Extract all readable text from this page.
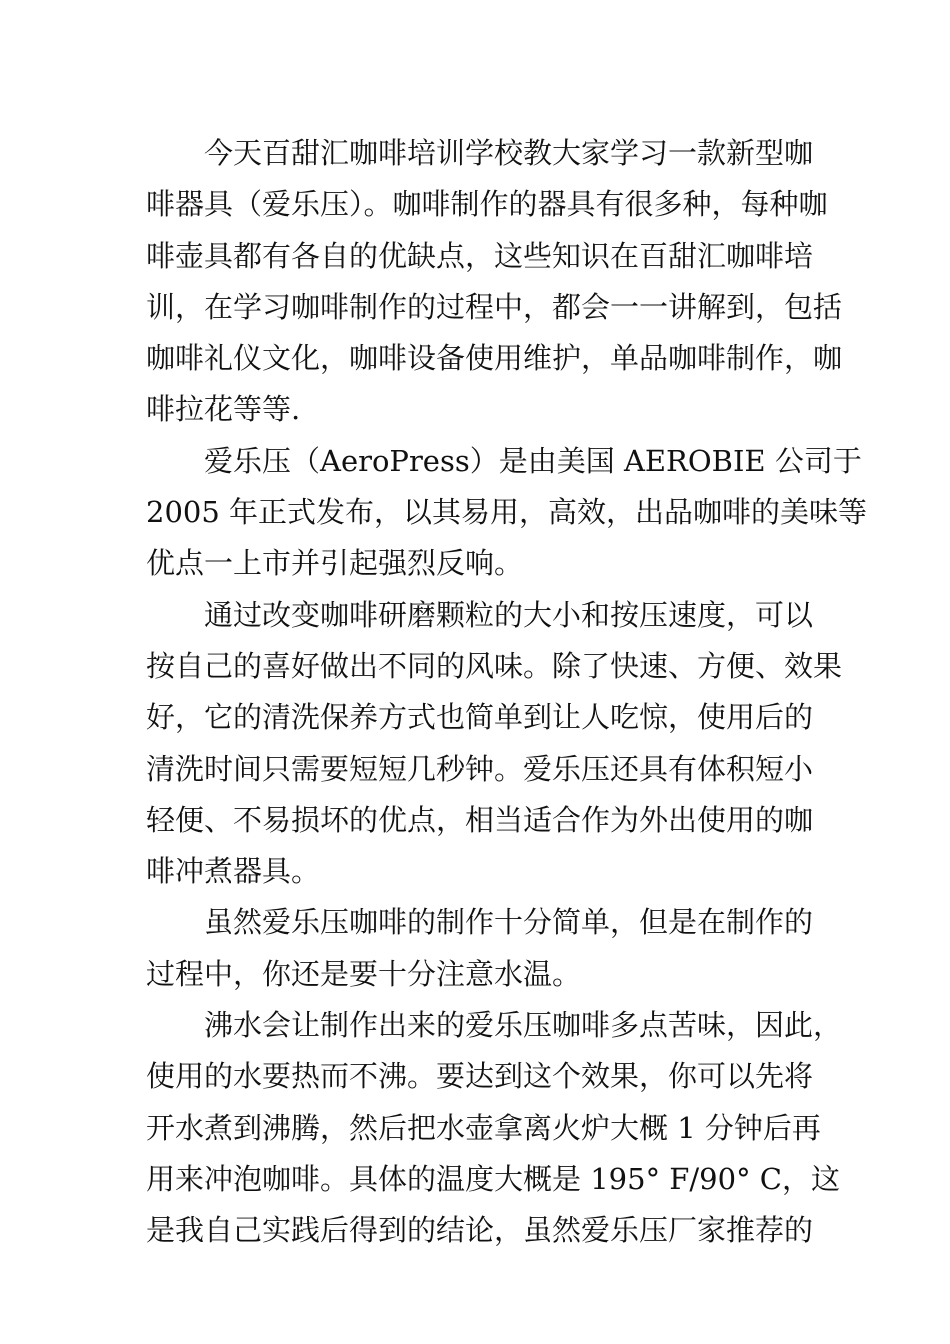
今天百甜汇咖啡培训学校教大家学习一款新型咖
啡器具（爱乐压）。咖啡制作的器具有很多种，每种咖
啡壶具都有各自的优缺点，这些知识在百甜汇咖啡培
训，在学习咖啡制作的过程中，都会一一讲解到，包括
咖啡礼仪文化，咖啡设备使用维护，单品咖啡制作，咖
啡拉花等等.

爱乐压（AeroPress）是由美国 AEROBIE 公司于
2005 年正式发布，以其易用，高效，出品咖啡的美味等
优点一上市并引起强烈反响。

通过改变咖啡研磨颗粒的大小和按压速度，可以
按自己的喜好做出不同的风味。除了快速、方便、效果
好，它的清洗保养方式也简单到让人吃惊，使用后的
清洗时间只需要短短几秒钟。爱乐压还具有体积短小
轻便、不易损坏的优点，相当适合作为外出使用的咖
啡冲煮器具。

虽然爱乐压咖啡的制作十分简单，但是在制作的
过程中，你还是要十分注意水温。

沸水会让制作出来的爱乐压咖啡多点苦味，因此，
使用的水要热而不沸。要达到这个效果，你可以先将
开水煮到沸腾，然后把水壶拿离火炉大概 1 分钟后再
用来冲泡咖啡。具体的温度大概是 195° F/90° C，这
是我自己实践后得到的结论，虽然爱乐压厂家推荐的
